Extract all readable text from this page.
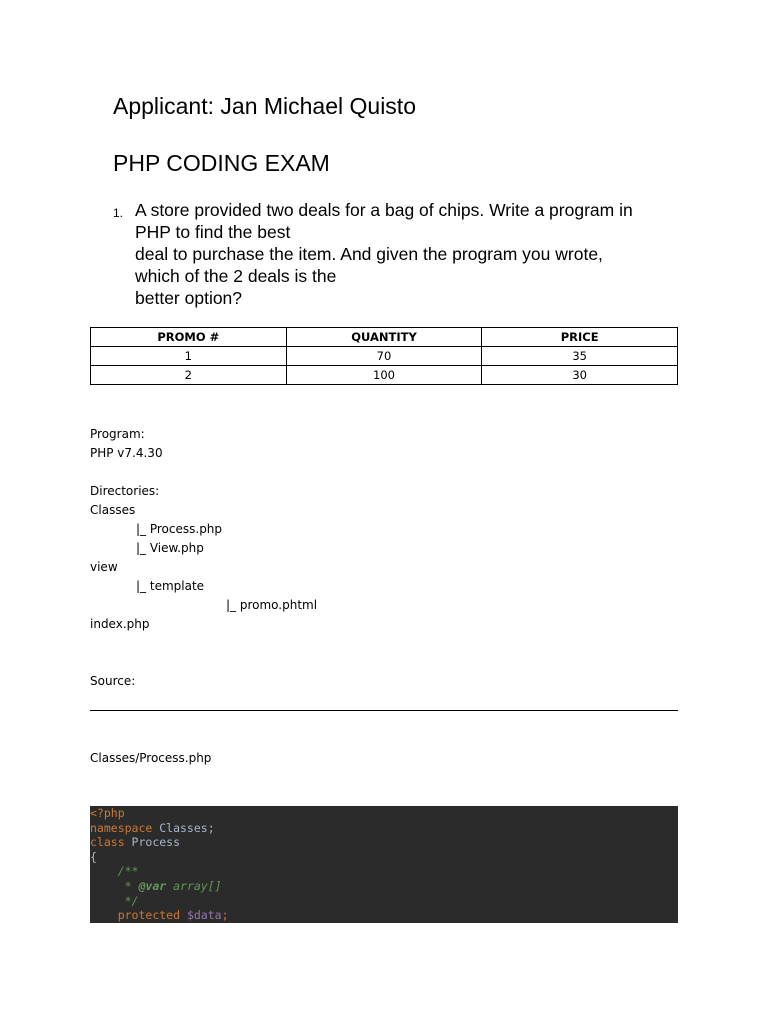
Applicant: Jan Michael Quisto
PHP CODING EXAM
1. A store provided two deals for a bag of chips. Write a program in
PHP to find the best
deal to purchase the item. And given the program you wrote,
which of the 2 deals is the
better option?
PROMO #	QUANTITY	PRICE
1	70	35
2	100	30
Program:
PHP v7.4.30
Directories:
Classes
|_ Process.php
|_ View.php
view
|_ template
|_ promo.phtml
index.php
Source:
Classes/Process.php
<?php
namespace Classes;
class Process
{
/**
* @var array[]
*/
protected $data;
